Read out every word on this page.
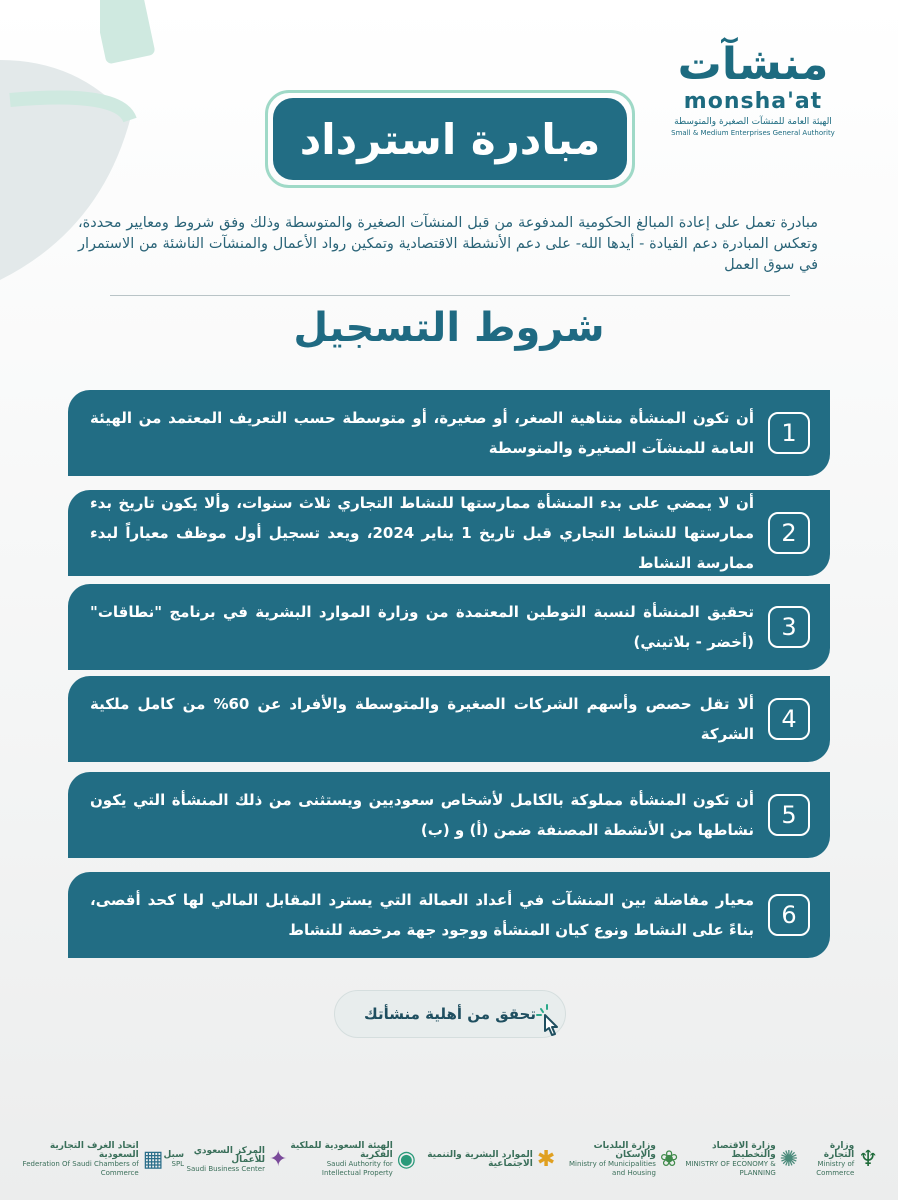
منشآت
monsha'at
الهيئة العامة للمنشآت الصغيرة والمتوسطة
Small & Medium Enterprises General Authority
مبادرة استرداد
مبادرة تعمل على إعادة المبالغ الحكومية المدفوعة من قبل المنشآت الصغيرة والمتوسطة وذلك وفق شروط ومعايير محددة، وتعكس المبادرة دعم القيادة - أيدها الله- على دعم الأنشطة الاقتصادية وتمكين رواد الأعمال والمنشآت الناشئة من الاستمرار في سوق العمل
شروط التسجيل
1
أن تكون المنشأة متناهية الصغر، أو صغيرة، أو متوسطة حسب التعريف المعتمد من الهيئة العامة للمنشآت الصغيرة والمتوسطة
2
أن لا يمضي على بدء المنشأة ممارستها للنشاط التجاري ثلاث سنوات، وألا يكون تاريخ بدء ممارستها للنشاط التجاري قبل تاريخ 1 يناير 2024، ويعد تسجيل أول موظف معياراً لبدء ممارسة النشاط
3
تحقيق المنشأة لنسبة التوطين المعتمدة من وزارة الموارد البشرية في برنامج "نطاقات" (أخضر - بلاتيني)
4
ألا تقل حصص وأسهم الشركات الصغيرة والمتوسطة والأفراد عن 60% من كامل ملكية الشركة
5
أن تكون المنشأة مملوكة بالكامل لأشخاص سعوديين ويستثنى من ذلك المنشأة التي يكون نشاطها من الأنشطة المصنفة ضمن (أ) و (ب)
6
معيار مفاضلة بين المنشآت في أعداد العمالة التي يسترد المقابل المالي لها كحد أقصى، بناءً على النشاط ونوع كيان المنشأة ووجود جهة مرخصة للنشاط
تحقق من أهلية منشأتك
وزارة التجارة
Ministry of Commerce
♆
وزارة الاقتصاد والتخطيط
MINISTRY OF ECONOMY & PLANNING
✺
وزارة البلديات والإسكان
Ministry of Municipalities and Housing
❀
الموارد البشرية والتنمية الاجتماعية ✱
الهيئة السعودية للملكية الفكرية
Saudi Authority for Intellectual Property
◉
المركز السعودي للأعمال
Saudi Business Center ✦
سبل
SPL
اتحاد الغرف التجارية السعودية
Federation Of Saudi Chambers of Commerce
▦
